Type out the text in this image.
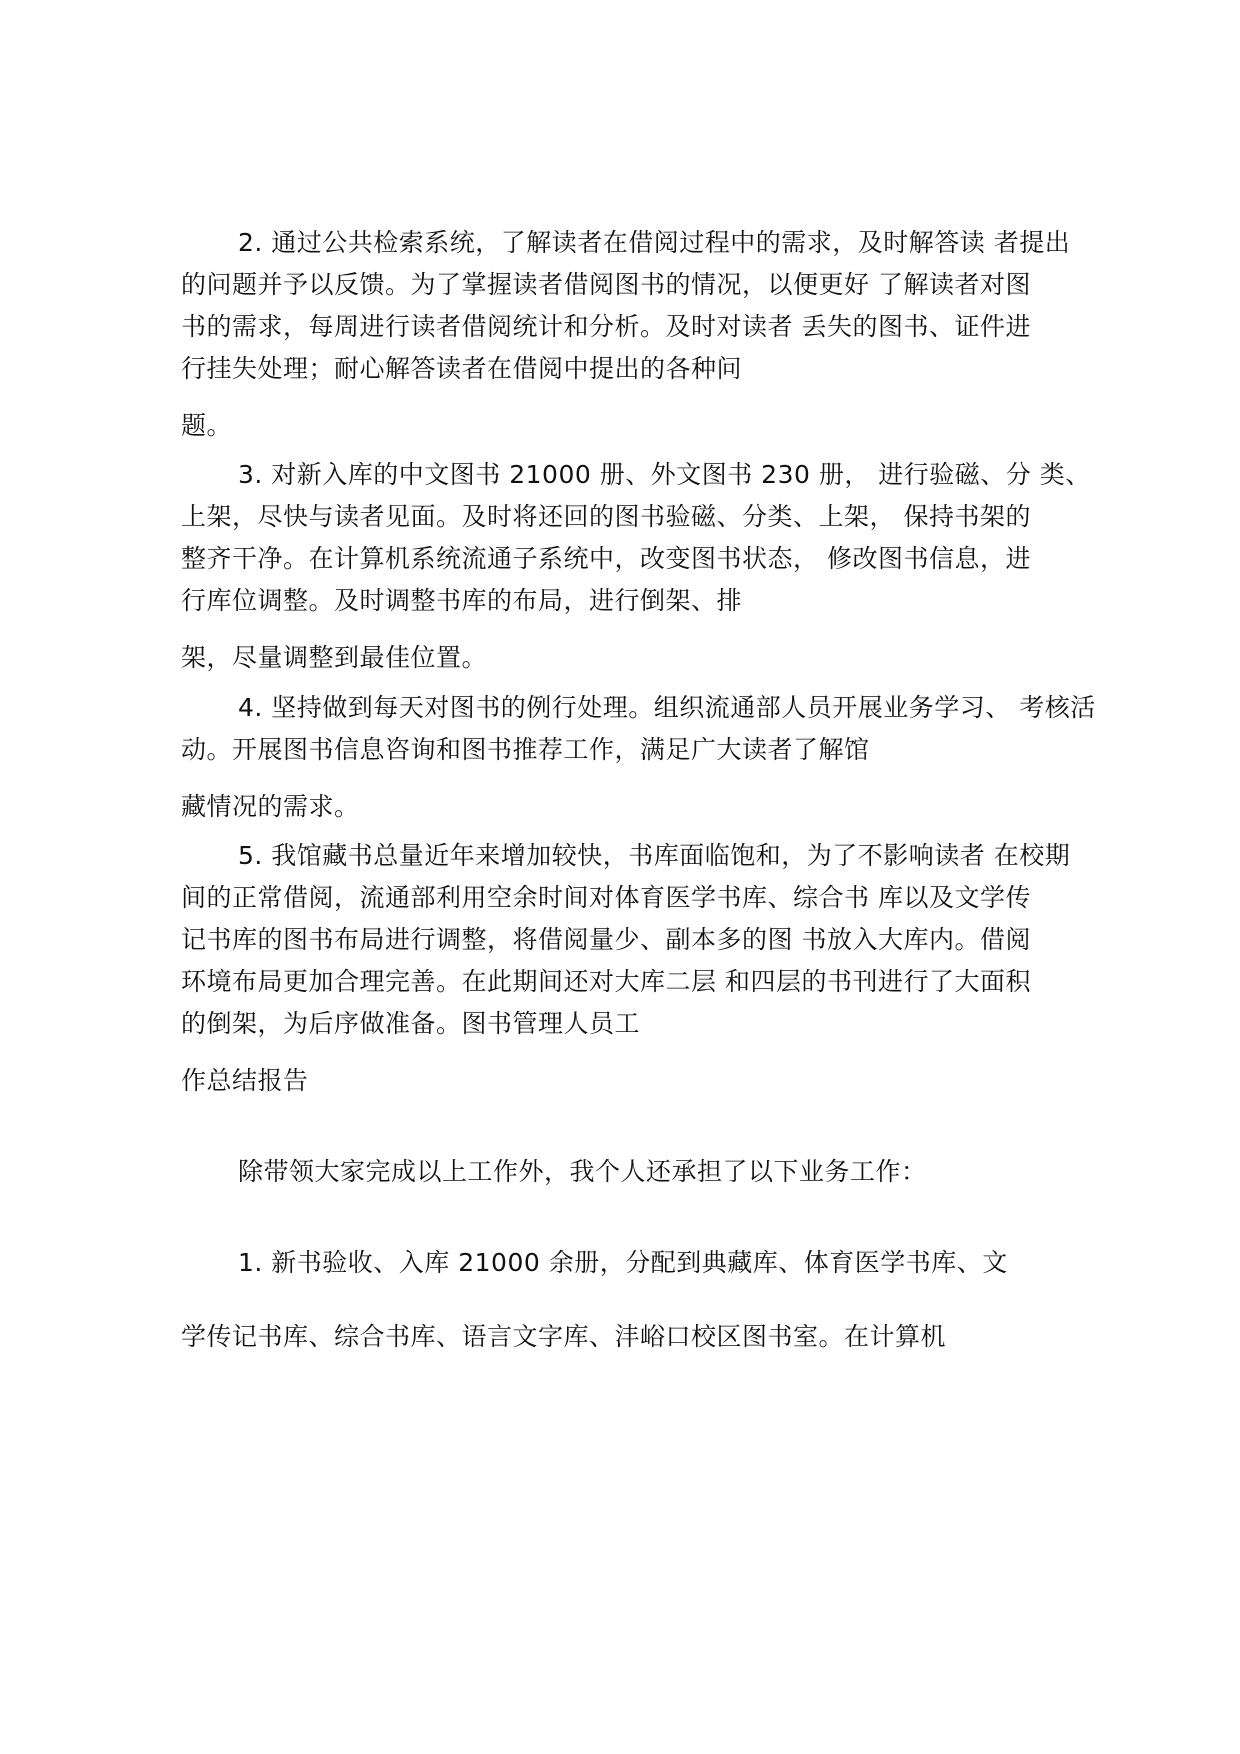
2. 通过公共检索系统，了解读者在借阅过程中的需求，及时解答读 者提出
的问题并予以反馈。为了掌握读者借阅图书的情况，以便更好 了解读者对图
书的需求，每周进行读者借阅统计和分析。及时对读者 丢失的图书、证件进
行挂失处理；耐心解答读者在借阅中提出的各种问
题。
3. 对新入库的中文图书 21000 册、外文图书 230 册， 进行验磁、分 类、
上架，尽快与读者见面。及时将还回的图书验磁、分类、上架， 保持书架的
整齐干净。在计算机系统流通子系统中，改变图书状态， 修改图书信息，进
行库位调整。及时调整书库的布局，进行倒架、排
架，尽量调整到最佳位置。
4. 坚持做到每天对图书的例行处理。组织流通部人员开展业务学习、 考核活
动。开展图书信息咨询和图书推荐工作，满足广大读者了解馆
藏情况的需求。
5. 我馆藏书总量近年来增加较快，书库面临饱和，为了不影响读者 在校期
间的正常借阅，流通部利用空余时间对体育医学书库、综合书 库以及文学传
记书库的图书布局进行调整，将借阅量少、副本多的图 书放入大库内。借阅
环境布局更加合理完善。在此期间还对大库二层 和四层的书刊进行了大面积
的倒架，为后序做准备。图书管理人员工
作总结报告
除带领大家完成以上工作外，我个人还承担了以下业务工作：
1. 新书验收、入库 21000 余册，分配到典藏库、体育医学书库、文
学传记书库、综合书库、语言文字库、沣峪口校区图书室。在计算机
